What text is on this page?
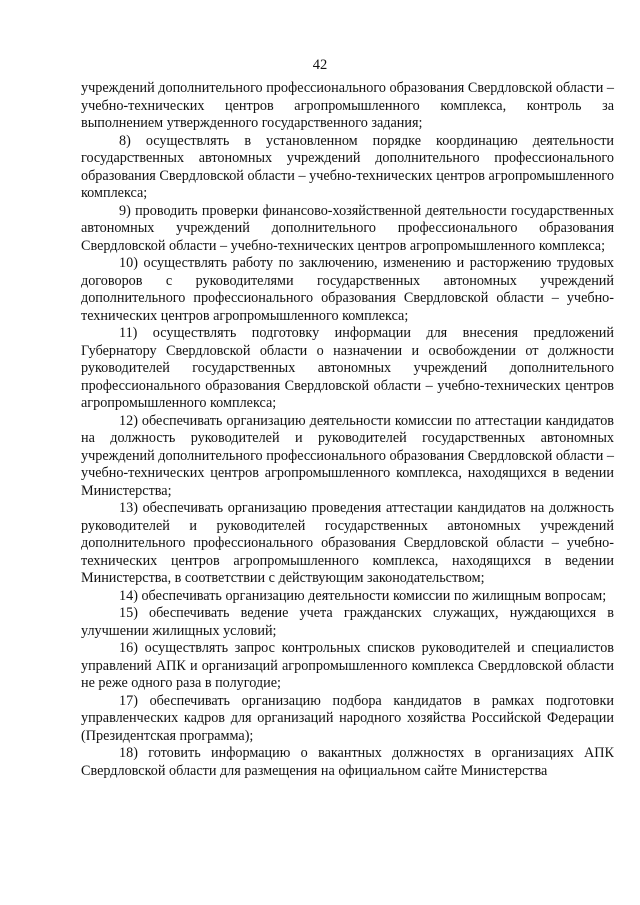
42

учреждений дополнительного профессионального образования Свердловской области – учебно-технических центров агропромышленного комплекса, контроль за выполнением утвержденного государственного задания;

8) осуществлять в установленном порядке координацию деятельности государственных автономных учреждений дополнительного профессионального образования Свердловской области – учебно-технических центров агропромышленного комплекса;

9) проводить проверки финансово-хозяйственной деятельности государственных автономных учреждений дополнительного профессионального образования Свердловской области – учебно-технических центров агропромышленного комплекса;

10) осуществлять работу по заключению, изменению и расторжению трудовых договоров с руководителями государственных автономных учреждений дополнительного профессионального образования Свердловской области – учебно-технических центров агропромышленного комплекса;

11) осуществлять подготовку информации для внесения предложений Губернатору Свердловской области о назначении и освобождении от должности руководителей государственных автономных учреждений дополнительного профессионального образования Свердловской области – учебно-технических центров агропромышленного комплекса;

12) обеспечивать организацию деятельности комиссии по аттестации кандидатов на должность руководителей и руководителей государственных автономных учреждений дополнительного профессионального образования Свердловской области – учебно-технических центров агропромышленного комплекса, находящихся в ведении Министерства;

13) обеспечивать организацию проведения аттестации кандидатов на должность руководителей и руководителей государственных автономных учреждений дополнительного профессионального образования Свердловской области – учебно-технических центров агропромышленного комплекса, находящихся в ведении Министерства, в соответствии с действующим законодательством;

14) обеспечивать организацию деятельности комиссии по жилищным вопросам;

15) обеспечивать ведение учета гражданских служащих, нуждающихся в улучшении жилищных условий;

16) осуществлять запрос контрольных списков руководителей и специалистов управлений АПК и организаций агропромышленного комплекса Свердловской области не реже одного раза в полугодие;

17) обеспечивать организацию подбора кандидатов в рамках подготовки управленческих кадров для организаций народного хозяйства Российской Федерации (Президентская программа);

18) готовить информацию о вакантных должностях в организациях АПК Свердловской области для размещения на официальном сайте Министерства
